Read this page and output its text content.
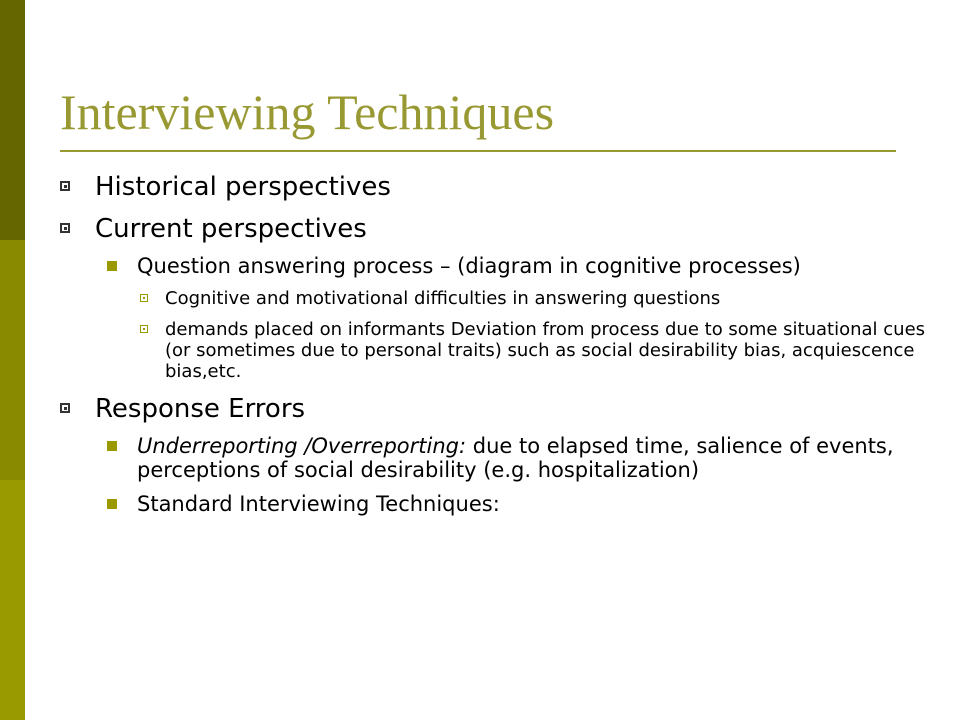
Interviewing Techniques
Historical perspectives
Current perspectives
Question answering process – (diagram in cognitive processes)
Cognitive and motivational difficulties in answering questions
demands placed on informants Deviation from process due to some situational cues (or sometimes due to personal traits) such as social desirability bias, acquiescence bias,etc.
Response Errors
Underreporting /Overreporting: due to elapsed time, salience of events, perceptions of social desirability (e.g. hospitalization)
Standard Interviewing Techniques:
